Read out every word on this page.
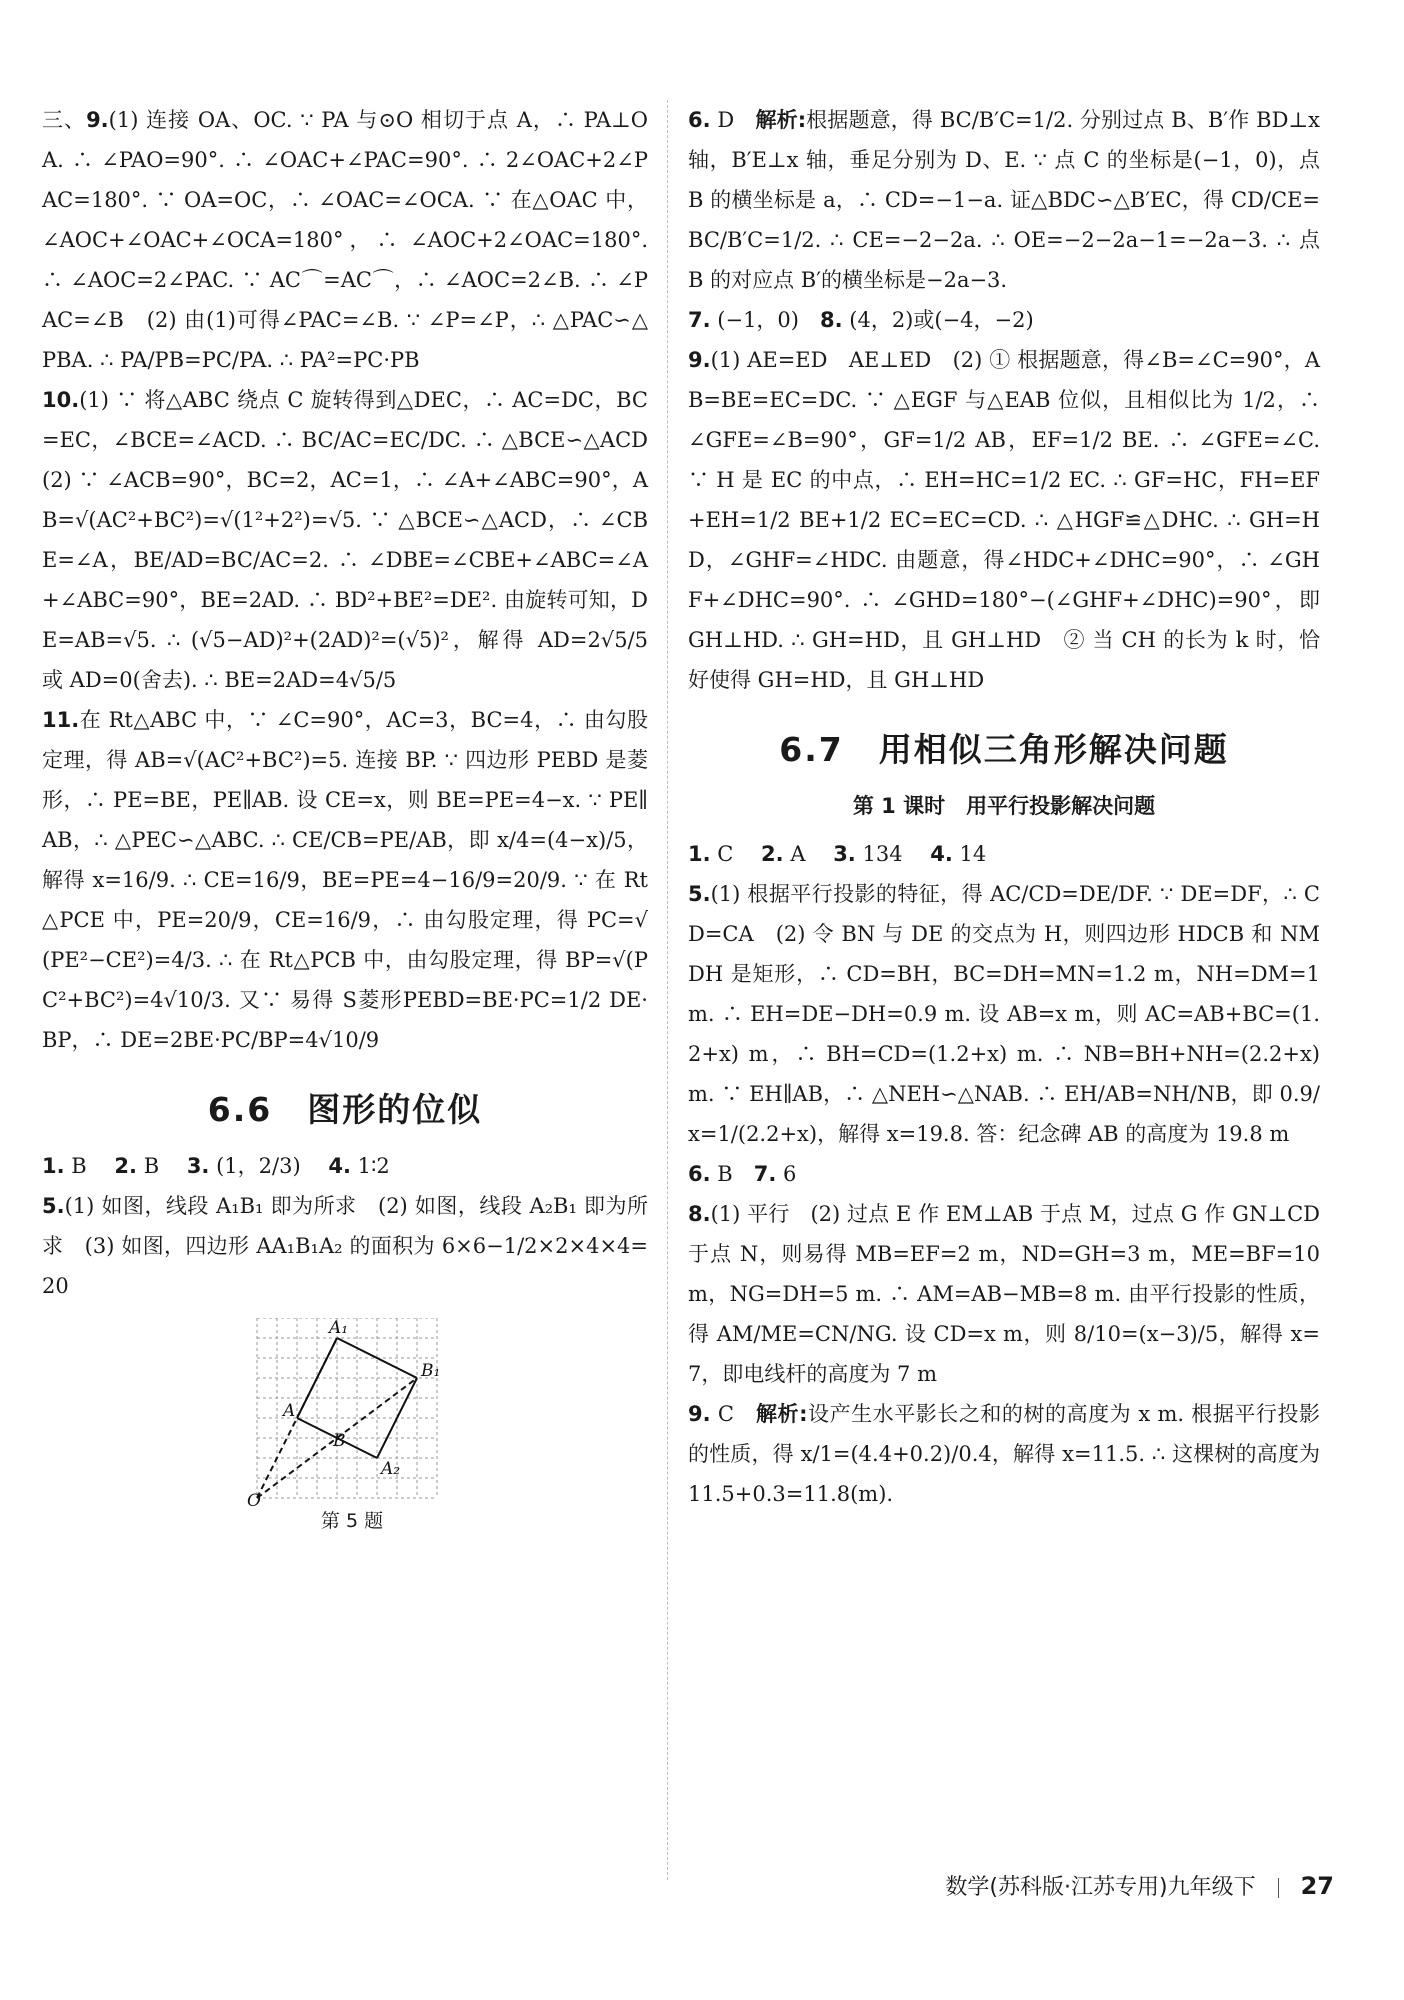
三、9.(1) 连接 OA、OC. ∵ PA 与⊙O 相切于点 A，∴ PA⊥OA. ∴ ∠PAO=90°. ∴ ∠OAC+∠PAC=90°. ∴ 2∠OAC+2∠PAC=180°. ∵ OA=OC，∴ ∠OAC=∠OCA. ∵ 在△OAC 中，∠AOC+∠OAC+∠OCA=180°，∴ ∠AOC+2∠OAC=180°. ∴ ∠AOC=2∠PAC. ∵ AC⌒=AC⌒，∴ ∠AOC=2∠B. ∴ ∠PAC=∠B　(2) 由(1)可得∠PAC=∠B. ∵ ∠P=∠P，∴ △PAC∽△PBA. ∴ PA/PB=PC/PA. ∴ PA²=PC·PB

10.(1) ∵ 将△ABC 绕点 C 旋转得到△DEC，∴ AC=DC，BC=EC，∠BCE=∠ACD. ∴ BC/AC=EC/DC. ∴ △BCE∽△ACD　(2) ∵ ∠ACB=90°，BC=2，AC=1，∴ ∠A+∠ABC=90°，AB=√(AC²+BC²)=√(1²+2²)=√5. ∵ △BCE∽△ACD，∴ ∠CBE=∠A，BE/AD=BC/AC=2. ∴ ∠DBE=∠CBE+∠ABC=∠A+∠ABC=90°，BE=2AD. ∴ BD²+BE²=DE². 由旋转可知，DE=AB=√5. ∴ (√5−AD)²+(2AD)²=(√5)²，解得 AD=2√5/5 或 AD=0(舍去). ∴ BE=2AD=4√5/5

11.在 Rt△ABC 中，∵ ∠C=90°，AC=3，BC=4，∴ 由勾股定理，得 AB=√(AC²+BC²)=5. 连接 BP. ∵ 四边形 PEBD 是菱形，∴ PE=BE，PE∥AB. 设 CE=x，则 BE=PE=4−x. ∵ PE∥AB，∴ △PEC∽△ABC. ∴ CE/CB=PE/AB，即 x/4=(4−x)/5，解得 x=16/9. ∴ CE=16/9，BE=PE=4−16/9=20/9. ∵ 在 Rt△PCE 中，PE=20/9，CE=16/9，∴ 由勾股定理，得 PC=√(PE²−CE²)=4/3. ∴ 在 Rt△PCB 中，由勾股定理，得 BP=√(PC²+BC²)=4√10/3. 又∵ 易得 S菱形PEBD=BE·PC=1/2 DE·BP，∴ DE=2BE·PC/BP=4√10/9

6.6　图形的位似

1. B　 2. B　 3. (1，2/3)　 4. 1∶2

5.(1) 如图，线段 A₁B₁ 即为所求　(2) 如图，线段 A₂B₁ 即为所求　(3) 如图，四边形 AA₁B₁A₂ 的面积为 6×6−1/2×2×4×4=20

A₁
B₁
A
B
A₂
O
第 5 题

6. D　 解析:根据题意，得 BC/B′C=1/2. 分别过点 B、B′作 BD⊥x 轴，B′E⊥x 轴，垂足分别为 D、E. ∵ 点 C 的坐标是(−1，0)，点 B 的横坐标是 a，∴ CD=−1−a. 证△BDC∽△B′EC，得 CD/CE=BC/B′C=1/2. ∴ CE=−2−2a. ∴ OE=−2−2a−1=−2a−3. ∴ 点 B 的对应点 B′的横坐标是−2a−3.

7. (−1，0)　 8. (4，2)或(−4，−2)

9.(1) AE=ED　AE⊥ED　(2) ① 根据题意，得∠B=∠C=90°，AB=BE=EC=DC. ∵ △EGF 与△EAB 位似，且相似比为 1/2，∴ ∠GFE=∠B=90°，GF=1/2 AB，EF=1/2 BE. ∴ ∠GFE=∠C. ∵ H 是 EC 的中点，∴ EH=HC=1/2 EC. ∴ GF=HC，FH=EF+EH=1/2 BE+1/2 EC=EC=CD. ∴ △HGF≌△DHC. ∴ GH=HD，∠GHF=∠HDC. 由题意，得∠HDC+∠DHC=90°，∴ ∠GHF+∠DHC=90°. ∴ ∠GHD=180°−(∠GHF+∠DHC)=90°，即 GH⊥HD. ∴ GH=HD，且 GH⊥HD　② 当 CH 的长为 k 时，恰好使得 GH=HD，且 GH⊥HD

6.7　用相似三角形解决问题
第 1 课时　用平行投影解决问题

1. C　 2. A　 3. 134　 4. 14

5.(1) 根据平行投影的特征，得 AC/CD=DE/DF. ∵ DE=DF，∴ CD=CA　(2) 令 BN 与 DE 的交点为 H，则四边形 HDCB 和 NMDH 是矩形，∴ CD=BH，BC=DH=MN=1.2 m，NH=DM=1 m. ∴ EH=DE−DH=0.9 m. 设 AB=x m，则 AC=AB+BC=(1.2+x) m，∴ BH=CD=(1.2+x) m. ∴ NB=BH+NH=(2.2+x) m. ∵ EH∥AB，∴ △NEH∽△NAB. ∴ EH/AB=NH/NB，即 0.9/x=1/(2.2+x)，解得 x=19.8. 答：纪念碑 AB 的高度为 19.8 m

6. B　 7. 6

8.(1) 平行　(2) 过点 E 作 EM⊥AB 于点 M，过点 G 作 GN⊥CD 于点 N，则易得 MB=EF=2 m，ND=GH=3 m，ME=BF=10 m，NG=DH=5 m. ∴ AM=AB−MB=8 m. 由平行投影的性质，得 AM/ME=CN/NG. 设 CD=x m，则 8/10=(x−3)/5，解得 x=7，即电线杆的高度为 7 m

9. C　 解析:设产生水平影长之和的树的高度为 x m. 根据平行投影的性质，得 x/1=(4.4+0.2)/0.4，解得 x=11.5. ∴ 这棵树的高度为 11.5+0.3=11.8(m).

数学(苏科版·江苏专用)九年级下 27
